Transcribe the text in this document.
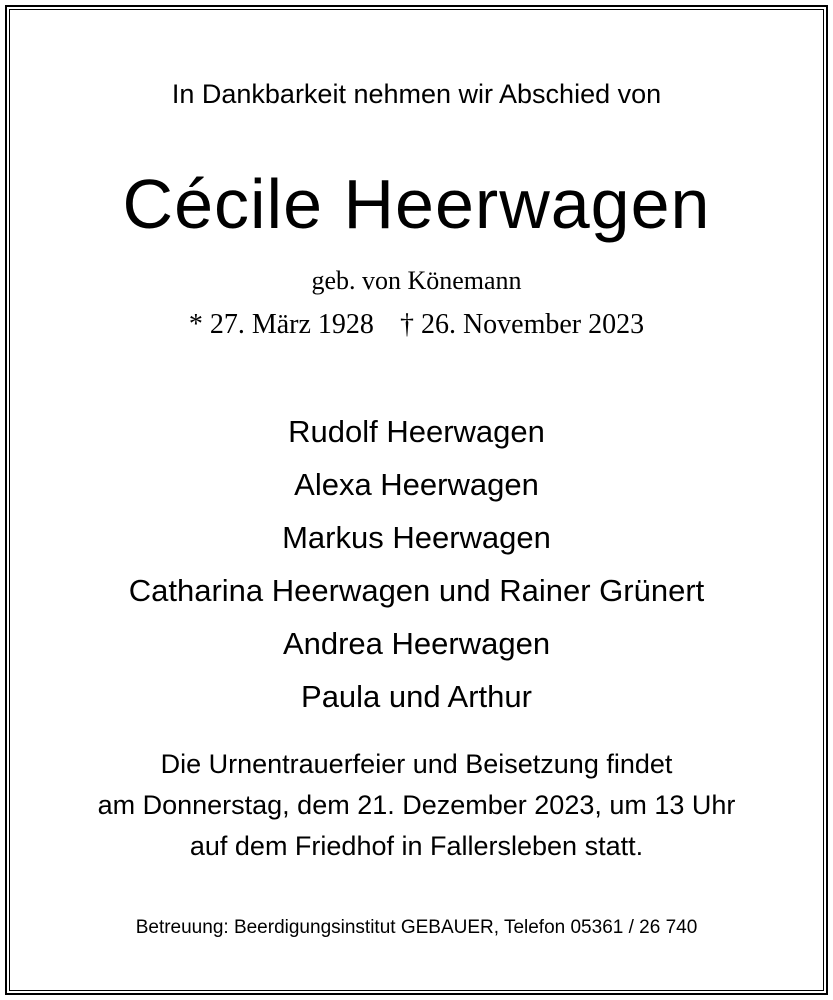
In Dankbarkeit nehmen wir Abschied von
Cécile Heerwagen
geb. von Könemann
* 27. März 1928 † 26. November 2023
Rudolf Heerwagen
Alexa Heerwagen
Markus Heerwagen
Catharina Heerwagen und Rainer Grünert
Andrea Heerwagen
Paula und Arthur
Die Urnentrauerfeier und Beisetzung findet
am Donnerstag, dem 21. Dezember 2023, um 13 Uhr
auf dem Friedhof in Fallersleben statt.
Betreuung: Beerdigungsinstitut GEBAUER, Telefon 05361 / 26 740
